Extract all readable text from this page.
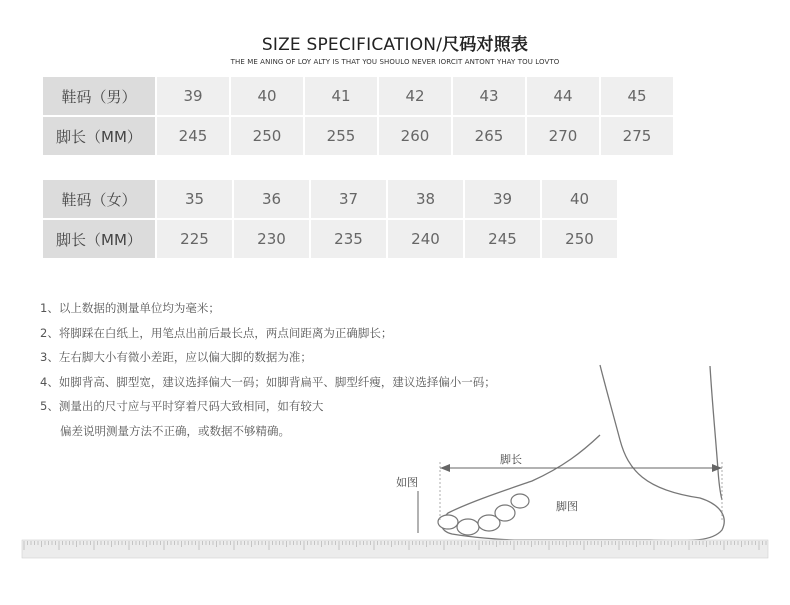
SIZE SPECIFICATION/尺码对照表
THE ME ANING OF LOY ALTY IS THAT YOU SHOULO NEVER IORCIT ANTONT YHAY TOU LOVTO
鞋码（男）	39	40	41	42	43	44	45
脚长（MM）	245	250	255	260	265	270	275
鞋码（女）	35	36	37	38	39	40
脚长（MM）	225	230	235	240	245	250
1、以上数据的测量单位均为毫米；
2、将脚踩在白纸上，用笔点出前后最长点，两点间距离为正确脚长；
3、左右脚大小有微小差距，应以偏大脚的数据为准；
4、如脚背高、脚型宽，建议选择偏大一码；如脚背扁平、脚型纤瘦，建议选择偏小一码；
5、测量出的尺寸应与平时穿着尺码大致相同，如有较大
偏差说明测量方法不正确，或数据不够精确。
如图
脚长
脚图
